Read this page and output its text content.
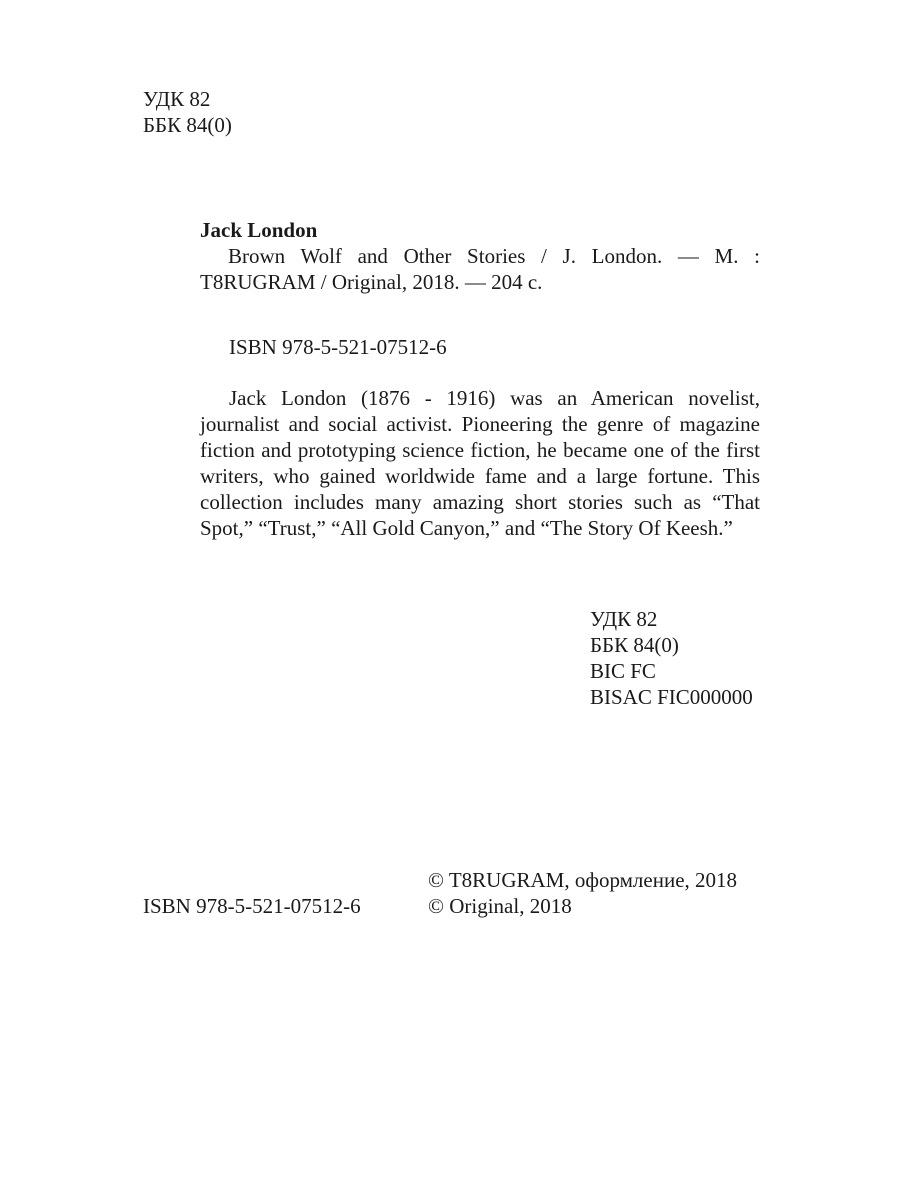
УДК 82
ББК 84(0)
Jack London
Brown Wolf and Other Stories / J. London. — M. : T8RUGRAM / Original, 2018. — 204 c.
ISBN 978-5-521-07512-6

Jack London (1876 - 1916) was an American novelist, journalist and social activist. Pioneering the genre of magazine fiction and prototyping science fiction, he became one of the first writers, who gained worldwide fame and a large fortune. This collection includes many amazing short stories such as “That Spot,” “Trust,” “All Gold Canyon,” and “The Story Of Keesh.”

УДК 82
ББК 84(0)
BIC FC
BISAC FIC000000
ISBN 978-5-521-07512-6
© T8RUGRAM, оформление, 2018
© Original, 2018
